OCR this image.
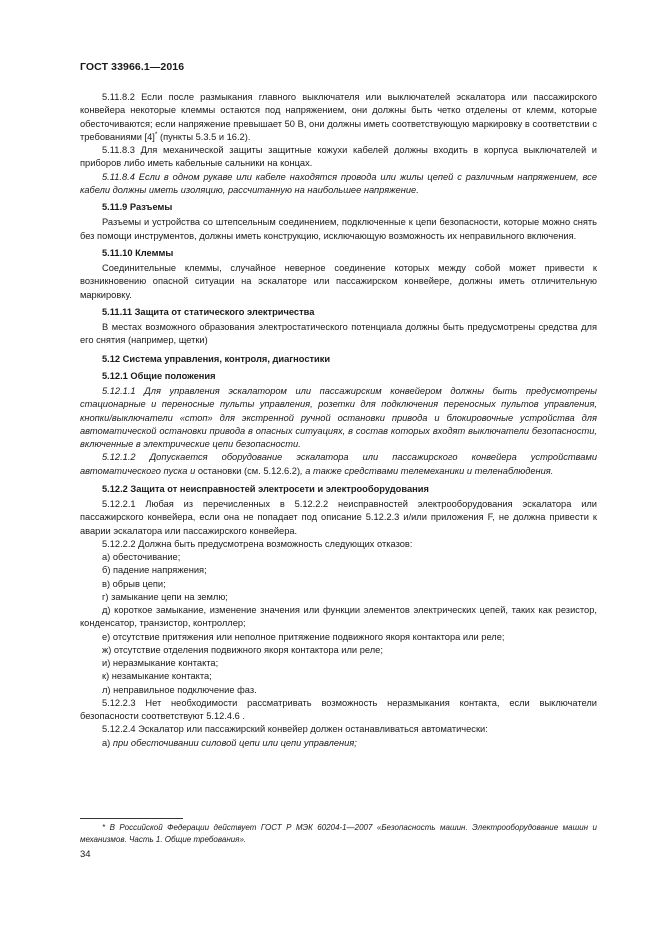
ГОСТ 33966.1—2016

5.11.8.2 Если после размыкания главного выключателя или выключателей эскалатора или пассажирского конвейера некоторые клеммы остаются под напряжением, они должны быть четко отделены от клемм, которые обесточиваются; если напряжение превышает 50 В, они должны иметь соответствующую маркировку в соответствии с требованиями [4]* (пункты 5.3.5 и 16.2).

5.11.8.3 Для механической защиты защитные кожухи кабелей должны входить в корпуса выключателей и приборов либо иметь кабельные сальники на концах.

5.11.8.4 Если в одном рукаве или кабеле находятся провода или жилы цепей с различным напряжением, все кабели должны иметь изоляцию, рассчитанную на наибольшее напряжение.

5.11.9 Разъемы

Разъемы и устройства со штепсельным соединением, подключенные к цепи безопасности, которые можно снять без помощи инструментов, должны иметь конструкцию, исключающую возможность их неправильного включения.

5.11.10 Клеммы

Соединительные клеммы, случайное неверное соединение которых между собой может привести к возникновению опасной ситуации на эскалаторе или пассажирском конвейере, должны иметь отличительную маркировку.

5.11.11 Защита от статического электричества

В местах возможного образования электростатического потенциала должны быть предусмотрены средства для его снятия (например, щетки)

5.12 Система управления, контроля, диагностики
5.12.1 Общие положения

5.12.1.1 Для управления эскалатором или пассажирским конвейером должны быть предусмотрены стационарные и переносные пульты управления, розетки для подключения переносных пультов управления, кнопки/выключатели «стоп» для экстренной ручной остановки привода и блокировочные устройства для автоматической остановки привода в опасных ситуациях, в состав которых входят выключатели безопасности, включенные в электрические цепи безопасности.

5.12.1.2 Допускается оборудование эскалатора или пассажирского конвейера устройствами автоматического пуска и остановки (см. 5.12.6.2), а также средствами телемеханики и теленаблюдения.

5.12.2 Защита от неисправностей электросети и электрооборудования

5.12.2.1 Любая из перечисленных в 5.12.2.2 неисправностей электрооборудования эскалатора или пассажирского конвейера, если она не попадает под описание 5.12.2.3 и/или приложения F, не должна привести к аварии эскалатора или пассажирского конвейера.

5.12.2.2 Должна быть предусмотрена возможность следующих отказов:

а) обесточивание;

б) падение напряжения;

в) обрыв цепи;

г) замыкание цепи на землю;

д) короткое замыкание, изменение значения или функции элементов электрических цепей, таких как резистор, конденсатор, транзистор, контроллер;

е) отсутствие притяжения или неполное притяжение подвижного якоря контактора или реле;

ж) отсутствие отделения подвижного якоря контактора или реле;

и) неразмыкание контакта;

к) незамыкание контакта;

л) неправильное подключение фаз.

5.12.2.3 Нет необходимости рассматривать возможность неразмыкания контакта, если выключатели безопасности соответствуют 5.12.4.6 .

5.12.2.4 Эскалатор или пассажирский конвейер должен останавливаться автоматически:

а) при обесточивании силовой цепи или цепи управления;

* В Российской Федерации действует ГОСТ Р МЭК 60204-1—2007 «Безопасность машин. Электрооборудование машин и механизмов. Часть 1. Общие требования».
34
